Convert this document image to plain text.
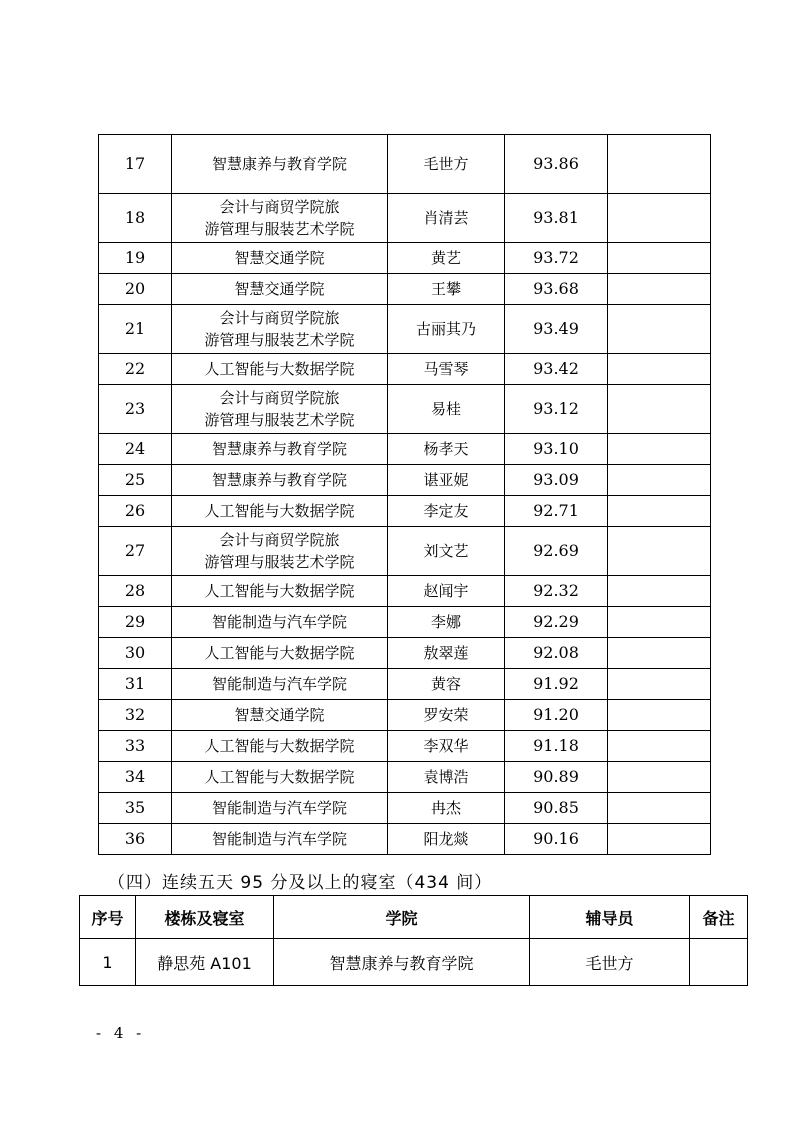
17	智慧康养与教育学院	毛世方	93.86	
18	会计与商贸学院旅
游管理与服装艺术学院	肖清芸	93.81	
19	智慧交通学院	黄艺	93.72	
20	智慧交通学院	王攀	93.68	
21	会计与商贸学院旅
游管理与服装艺术学院	古丽其乃	93.49	
22	人工智能与大数据学院	马雪琴	93.42	
23	会计与商贸学院旅
游管理与服装艺术学院	易桂	93.12	
24	智慧康养与教育学院	杨孝天	93.10	
25	智慧康养与教育学院	谌亚妮	93.09	
26	人工智能与大数据学院	李定友	92.71	
27	会计与商贸学院旅
游管理与服装艺术学院	刘文艺	92.69	
28	人工智能与大数据学院	赵闻宇	92.32	
29	智能制造与汽车学院	李娜	92.29	
30	人工智能与大数据学院	敖翠莲	92.08	
31	智能制造与汽车学院	黄容	91.92	
32	智慧交通学院	罗安荣	91.20	
33	人工智能与大数据学院	李双华	91.18	
34	人工智能与大数据学院	袁博浩	90.89	
35	智能制造与汽车学院	冉杰	90.85	
36	智能制造与汽车学院	阳龙燚	90.16	
（四）连续五天 95 分及以上的寝室（434 间）
序号	楼栋及寝室	学院	辅导员	备注
1	静思苑 A101	智慧康养与教育学院	毛世方	
- 4 -
